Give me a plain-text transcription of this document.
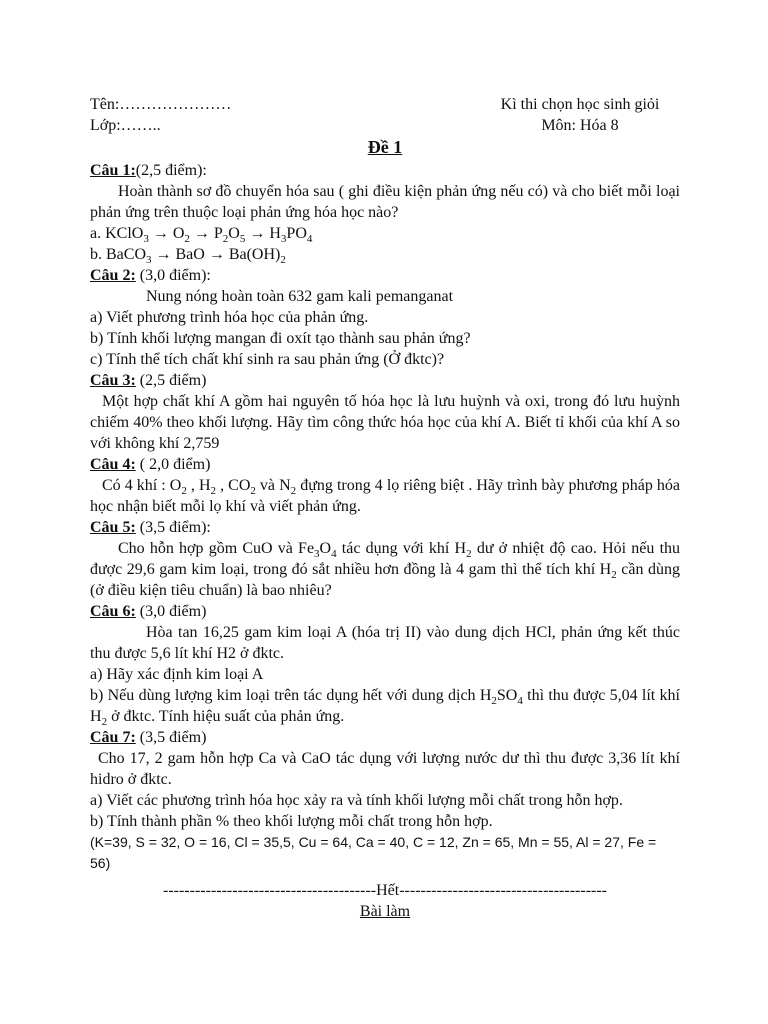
Tên:…………………	Kì thi chọn học sinh giỏi
Lớp:……..	Môn: Hóa 8
Đề 1
Câu 1:(2,5 điểm):
Hoàn thành sơ đồ chuyển hóa sau ( ghi điều kiện phản ứng nếu có) và cho biết mỗi loại phản ứng trên thuộc loại phản ứng hóa học nào?
a. KClO$_3$ → $O_2 \to P_2O_5 \to H_3PO_4$
b. BaCO$_3$ → BaO → $Ba(OH)_2$
Câu 2: (3,0 điểm):
Nung nóng hoàn toàn 632 gam kali pemanganat
a) Viết phương trình hóa học của phản ứng.
b) Tính khối lượng mangan đi oxít tạo thành sau phản ứng?
c) Tính thể tích chất khí sinh ra sau phản ứng (Ở đktc)?
Câu 3: (2,5 điểm)
Một hợp chất khí A gồm hai nguyên tố hóa học là lưu huỳnh và oxi, trong đó lưu huỳnh chiếm 40% theo khối lượng. Hãy tìm công thức hóa học của khí A. Biết tỉ khối của khí A so với không khí 2,759
Câu 4: ( 2,0 điểm)
Có 4 khí : $O_2$ , $H_2$ , $CO_2$ và $N_2$ đựng trong 4 lọ riêng biệt . Hãy trình bày phương pháp hóa học nhận biết mỗi lọ khí và viết phản ứng.
Câu 5: (3,5 điểm):
Cho hỗn hợp gồm CuO và $Fe_3O_4$ tác dụng với khí $H_2$ dư ở nhiệt độ cao. Hỏi nếu thu được 29,6 gam kim loại, trong đó sắt nhiều hơn đồng là 4 gam thì thể tích khí $H_2$ cần dùng (ở điều kiện tiêu chuẩn) là bao nhiêu?
Câu 6: (3,0 điểm)
Hòa tan 16,25 gam kim loại A (hóa trị II) vào dung dịch HCl, phản ứng kết thúc thu được 5,6 lít khí H2 ở đktc.
a) Hãy xác định kim loại A
b) Nếu dùng lượng kim loại trên tác dụng hết với dung dịch $H_2SO_4$ thì thu được 5,04 lít khí $H_2$ ở đktc. Tính hiệu suất của phản ứng.
Câu 7: (3,5 điểm)
Cho 17, 2 gam hỗn hợp Ca và CaO tác dụng với lượng nước dư thì thu được 3,36 lít khí hidro ở đktc.
a) Viết các phương trình hóa học xảy ra và tính khối lượng mỗi chất trong hỗn hợp.
b) Tính thành phần % theo khối lượng mỗi chất trong hỗn hợp.
(K=39, S = 32, O = 16, Cl = 35,5, Cu = 64, Ca = 40, C = 12, Zn = 65, Mn = 55, Al = 27, Fe = 56)
----------------------------------------Hết---------------------------------------
Bài làm
